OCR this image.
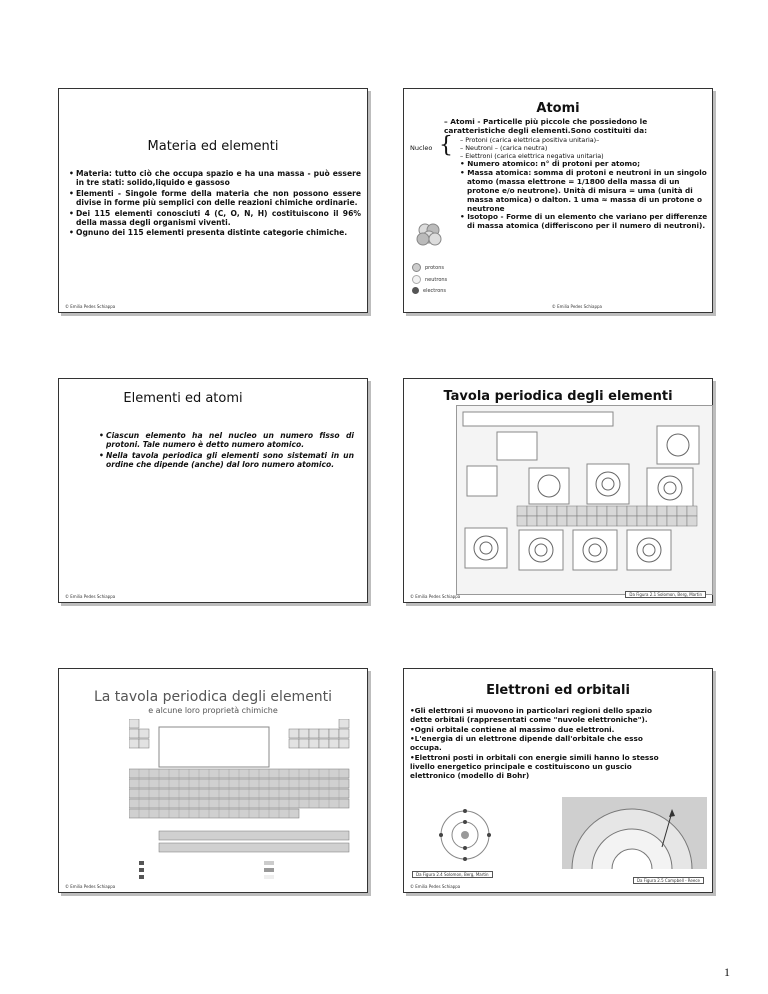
Materia ed elementi

• Materia: tutto ciò che occupa spazio e ha una massa - può essere in tre stati: solido,liquido e gassoso

• Elementi - Singole forme della materia che non possono essere divise in forme più semplici con delle reazioni chimiche ordinarie.

• Dei 115 elementi conosciuti 4 (C, O, N, H) costituiscono il 96% della massa degli organismi viventi.

• Ognuno dei 115 elementi presenta distinte categorie chimiche.

© Emilia Pedes Schiappa
Atomi
– Atomi - Particelle più piccole che possiedono le caratteristiche degli elementi.Sono costituiti da:
Nucleo { – Protoni (carica elettrica positiva unitaria)–
– Neutroni – (carica neutra)
– Elettroni (carica elettrica negativa unitaria)
• Numero atomico: n° di protoni per atomo;
• Massa atomica: somma di protoni e neutroni in un singolo atomo (massa elettrone = 1/1800 della massa di un protone e/o neutrone). Unità di misura = uma (unità di massa atomica) o dalton. 1 uma ≈ massa di un protone o neutrone
• Isotopo - Forme di un elemento che variano per differenze di massa atomica (differiscono per il numero di neutroni).
protons
neutrons
electrons
© Emilia Pedes Schiappa
Elementi ed atomi

• Ciascun elemento ha nel nucleo un numero fisso di protoni. Tale numero è detto numero atomico.

• Nella tavola periodica gli elementi sono sistemati in un ordine che dipende (anche) dal loro numero atomico.

© Emilia Pedes Schiappa
Tavola periodica degli elementi
Da Figura 2.1 Solomon, Berg, Martin
© Emilia Pedes Schiappa
La tavola periodica degli elementi
e alcune loro proprietà chimiche
© Emilia Pedes Schiappa
Elettroni ed orbitali

•Gli elettroni si muovono in particolari regioni dello spazio dette orbitali (rappresentati come "nuvole elettroniche").

•Ogni orbitale contiene al massimo due elettroni.

•L'energia di un elettrone dipende dall'orbitale che esso occupa.

•Elettroni posti in orbitali con energie simili hanno lo stesso livello energetico principale e costituiscono un guscio elettronico (modello di Bohr)

Da Figura 2.4 Solomon, Berg, Martin
Da Figura 2.5 Campbell - Reece
© Emilia Pedes Schiappa
1
